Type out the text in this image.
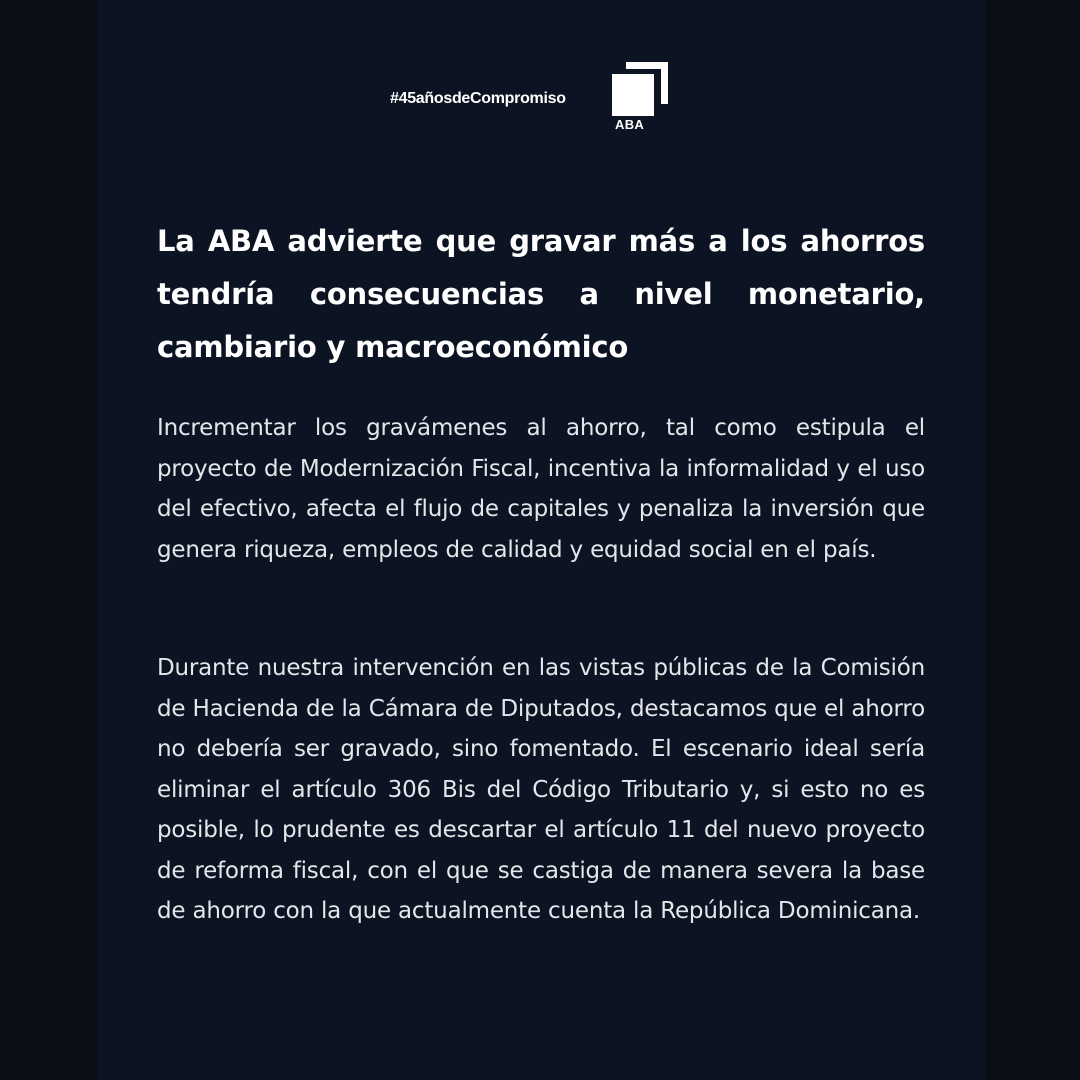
#45añosdeCompromiso
ABA
La ABA advierte que gravar más a los ahorros tendría consecuencias a nivel monetario, cambiario y macroeconómico

Incrementar los gravámenes al ahorro, tal como estipula el proyecto de Modernización Fiscal, incentiva la informalidad y el uso del efectivo, afecta el flujo de capitales y penaliza la inversión que genera riqueza, empleos de calidad y equidad social en el país.

Durante nuestra intervención en las vistas públicas de la Comisión de Hacienda de la Cámara de Diputados, destacamos que el ahorro no debería ser gravado, sino fomentado. El escenario ideal sería eliminar el artículo 306 Bis del Código Tributario y, si esto no es posible, lo prudente es descartar el artículo 11 del nuevo proyecto de reforma fiscal, con el que se castiga de manera severa la base de ahorro con la que actualmente cuenta la República Dominicana.
